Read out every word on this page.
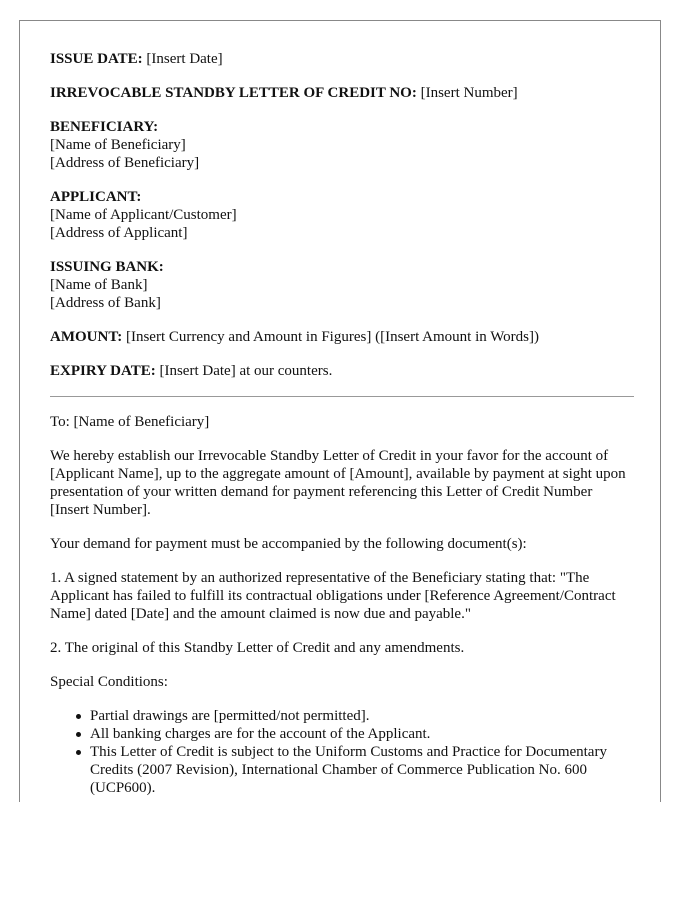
ISSUE DATE: [Insert Date]
IRREVOCABLE STANDBY LETTER OF CREDIT NO: [Insert Number]
BENEFICIARY:
[Name of Beneficiary]
[Address of Beneficiary]
APPLICANT:
[Name of Applicant/Customer]
[Address of Applicant]
ISSUING BANK:
[Name of Bank]
[Address of Bank]
AMOUNT: [Insert Currency and Amount in Figures] ([Insert Amount in Words])
EXPIRY DATE: [Insert Date] at our counters.

To: [Name of Beneficiary]

We hereby establish our Irrevocable Standby Letter of Credit in your favor for the account of [Applicant Name], up to the aggregate amount of [Amount], available by payment at sight upon presentation of your written demand for payment referencing this Letter of Credit Number [Insert Number].

Your demand for payment must be accompanied by the following document(s):

1. A signed statement by an authorized representative of the Beneficiary stating that: "The Applicant has failed to fulfill its contractual obligations under [Reference Agreement/Contract Name] dated [Date] and the amount claimed is now due and payable."

2. The original of this Standby Letter of Credit and any amendments.

Special Conditions:

Partial drawings are [permitted/not permitted].
All banking charges are for the account of the Applicant.
This Letter of Credit is subject to the Uniform Customs and Practice for Documentary Credits (2007 Revision), International Chamber of Commerce Publication No. 600 (UCP600).
